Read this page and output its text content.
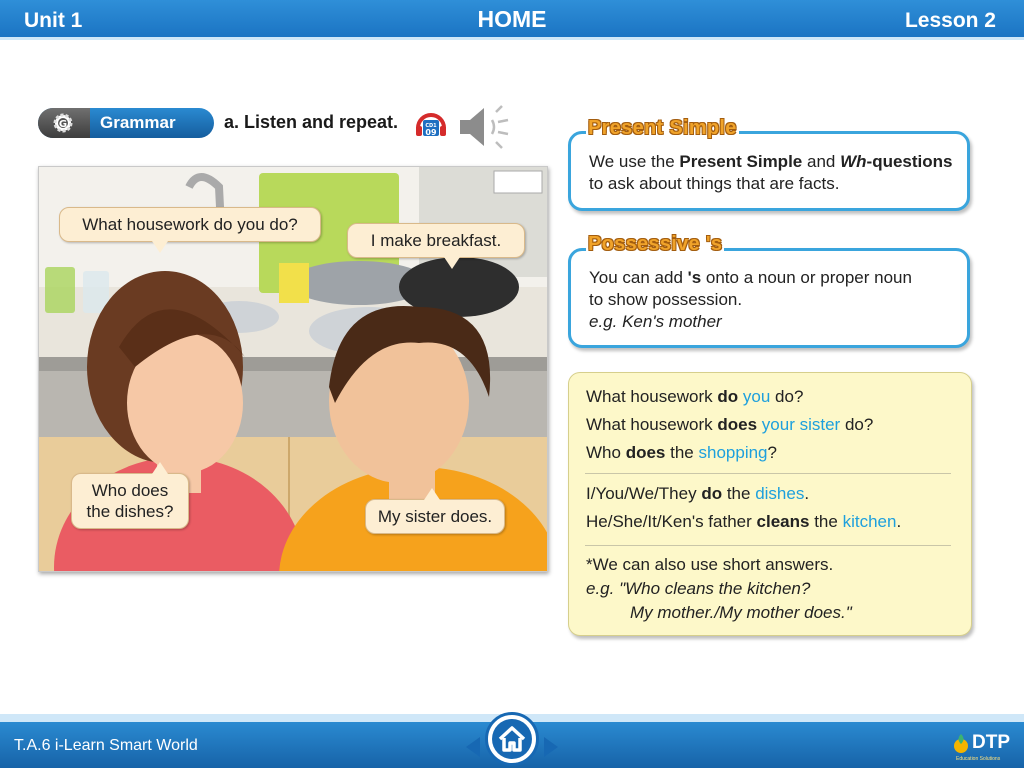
Unit 1	HOME	Lesson 2
G Grammar	a. Listen and repeat.	CD1
09
What housework do you do?
I make breakfast.
Who does the dishes?	My sister does.
We use the Present Simple and Wh-questions
to ask about things that are facts.
Present Simple
You can add 's onto a noun or proper noun
to show possession.
e.g. Ken's mother
Possessive 's
What housework do you do?
What housework does your sister do?
Who does the shopping?
I/You/We/They do the dishes.
He/She/It/Ken's father cleans the kitchen.
*We can also use short answers.
e.g. "Who cleans the kitchen?
My mother./My mother does."
T.A.6 i-Learn Smart World	DTP
Education Solutions
